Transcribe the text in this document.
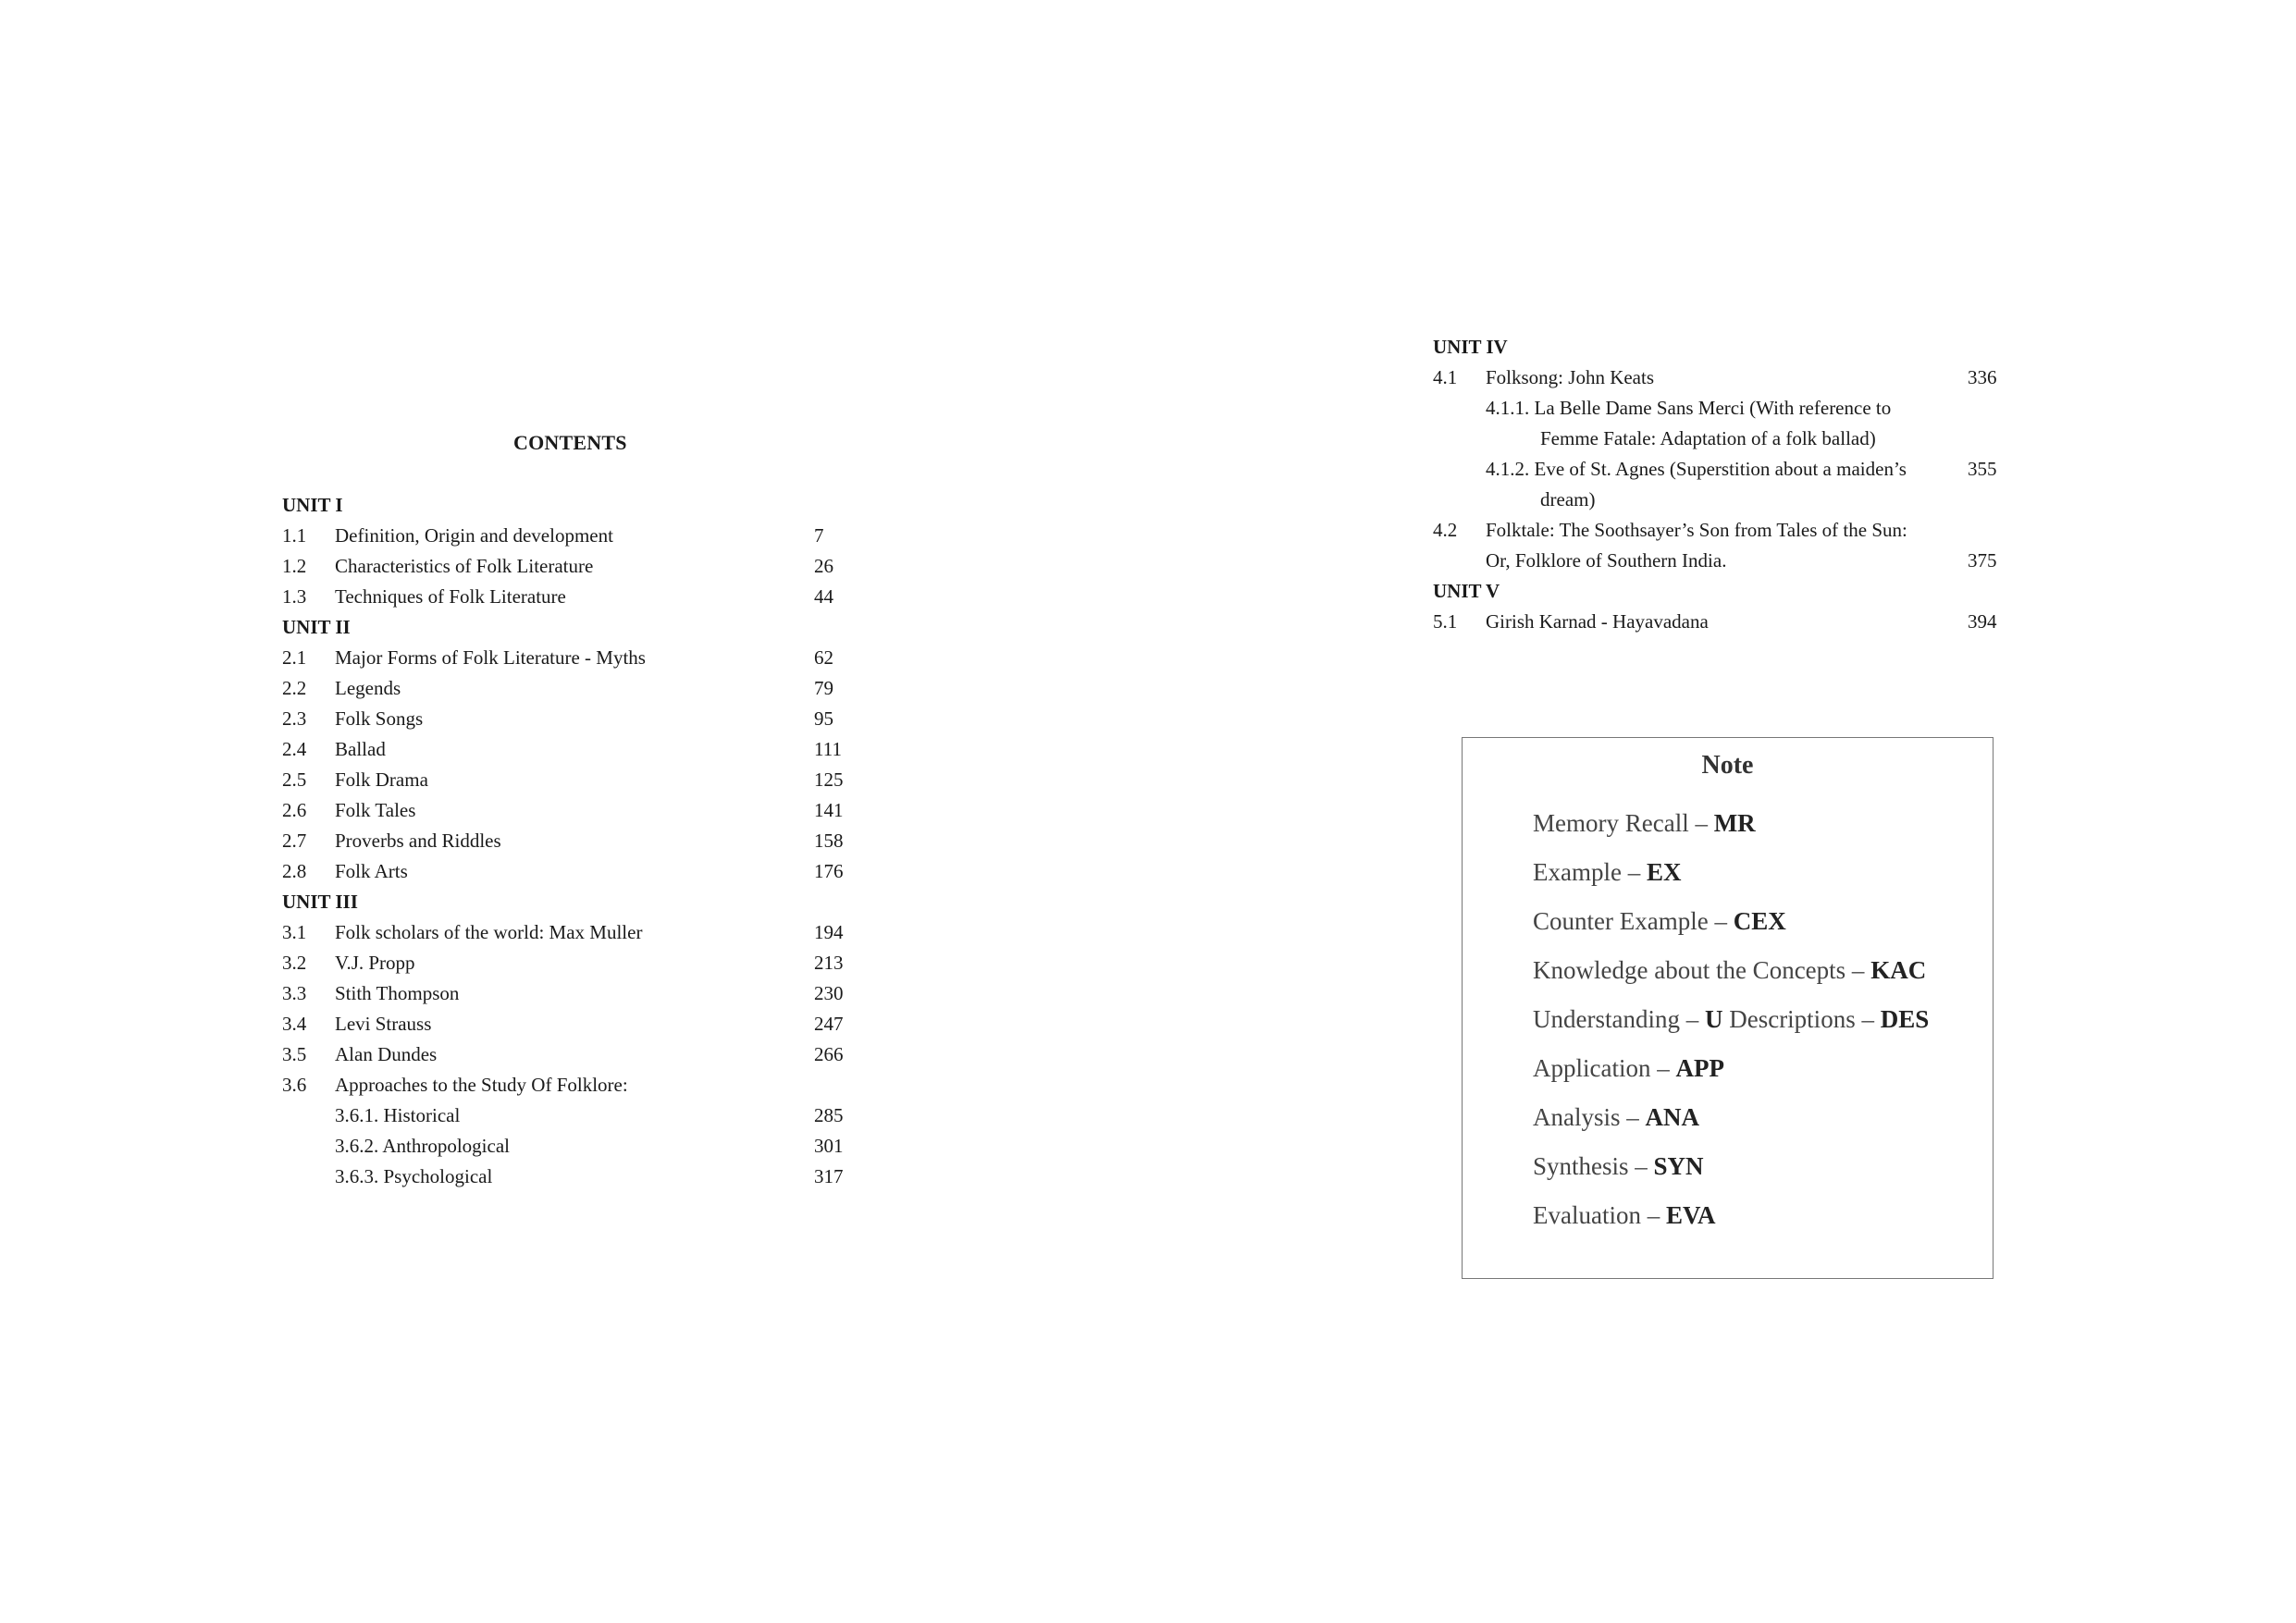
CONTENTS
UNIT I
1.1 Definition, Origin and development	7
1.2 Characteristics of Folk Literature	26
1.3 Techniques of Folk Literature	44
UNIT II
2.1 Major Forms of Folk Literature - Myths	62
2.2 Legends	79
2.3 Folk Songs	95
2.4 Ballad	111
2.5 Folk Drama	125
2.6 Folk Tales	141
2.7 Proverbs and Riddles	158
2.8 Folk Arts	176
UNIT III
3.1 Folk scholars of the world: Max Muller	194
3.2 V.J. Propp	213
3.3 Stith Thompson	230
3.4 Levi Strauss	247
3.5 Alan Dundes	266
3.6 Approaches to the Study Of Folklore:
3.6.1. Historical	285
3.6.2. Anthropological	301
3.6.3. Psychological	317
UNIT IV
4.1 Folksong: John Keats	336
4.1.1. La Belle Dame Sans Merci (With reference to
Femme Fatale: Adaptation of a folk ballad)
4.1.2. Eve of St. Agnes (Superstition about a maiden’s	355
dream)
4.2 Folktale: The Soothsayer’s Son from Tales of the Sun:
Or, Folklore of Southern India.	375
UNIT V
5.1 Girish Karnad - Hayavadana	394
Note
Memory Recall – MR
Example – EX
Counter Example – CEX
Knowledge about the Concepts – KAC
Understanding – U Descriptions – DES
Application – APP
Analysis – ANA
Synthesis – SYN
Evaluation – EVA
